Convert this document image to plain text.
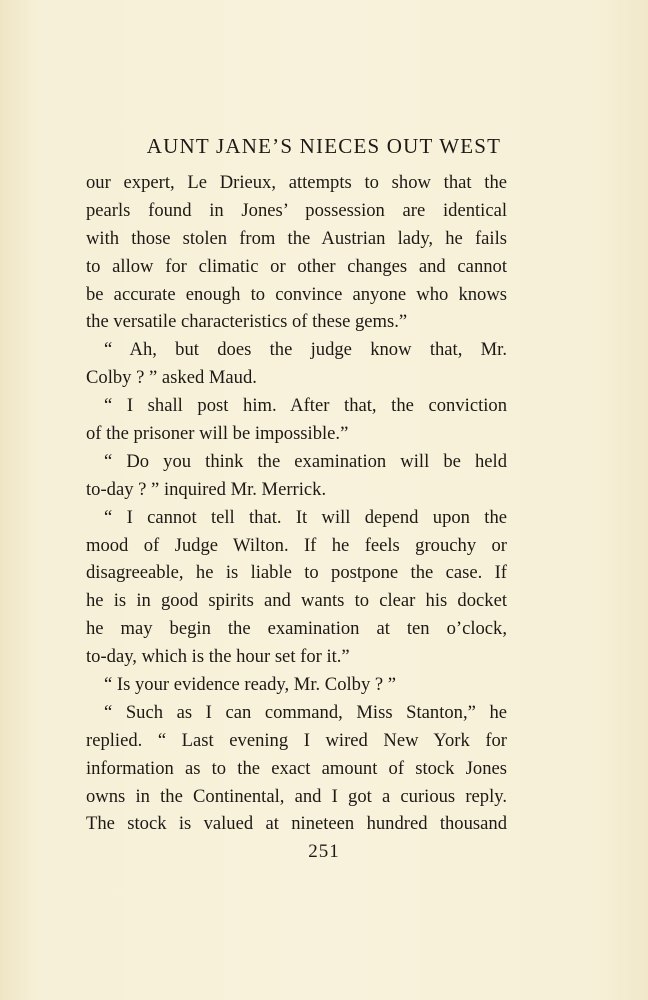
AUNT JANE’S NIECES OUT WEST
our expert, Le Drieux, attempts to show that the
pearls found in Jones’ possession are identical
with those stolen from the Austrian lady, he fails
to allow for climatic or other changes and cannot
be accurate enough to convince anyone who knows
the versatile characteristics of these gems.”
“ Ah, but does the judge know that, Mr.
Colby ? ” asked Maud.
“ I shall post him. After that, the conviction
of the prisoner will be impossible.”
“ Do you think the examination will be held
to-day ? ” inquired Mr. Merrick.
“ I cannot tell that. It will depend upon the
mood of Judge Wilton. If he feels grouchy or
disagreeable, he is liable to postpone the case. If
he is in good spirits and wants to clear his docket
he may begin the examination at ten o’clock,
to-day, which is the hour set for it.”
“ Is your evidence ready, Mr. Colby ? ”
“ Such as I can command, Miss Stanton,” he
replied. “ Last evening I wired New York for
information as to the exact amount of stock Jones
owns in the Continental, and I got a curious reply.
The stock is valued at nineteen hundred thousand
251
